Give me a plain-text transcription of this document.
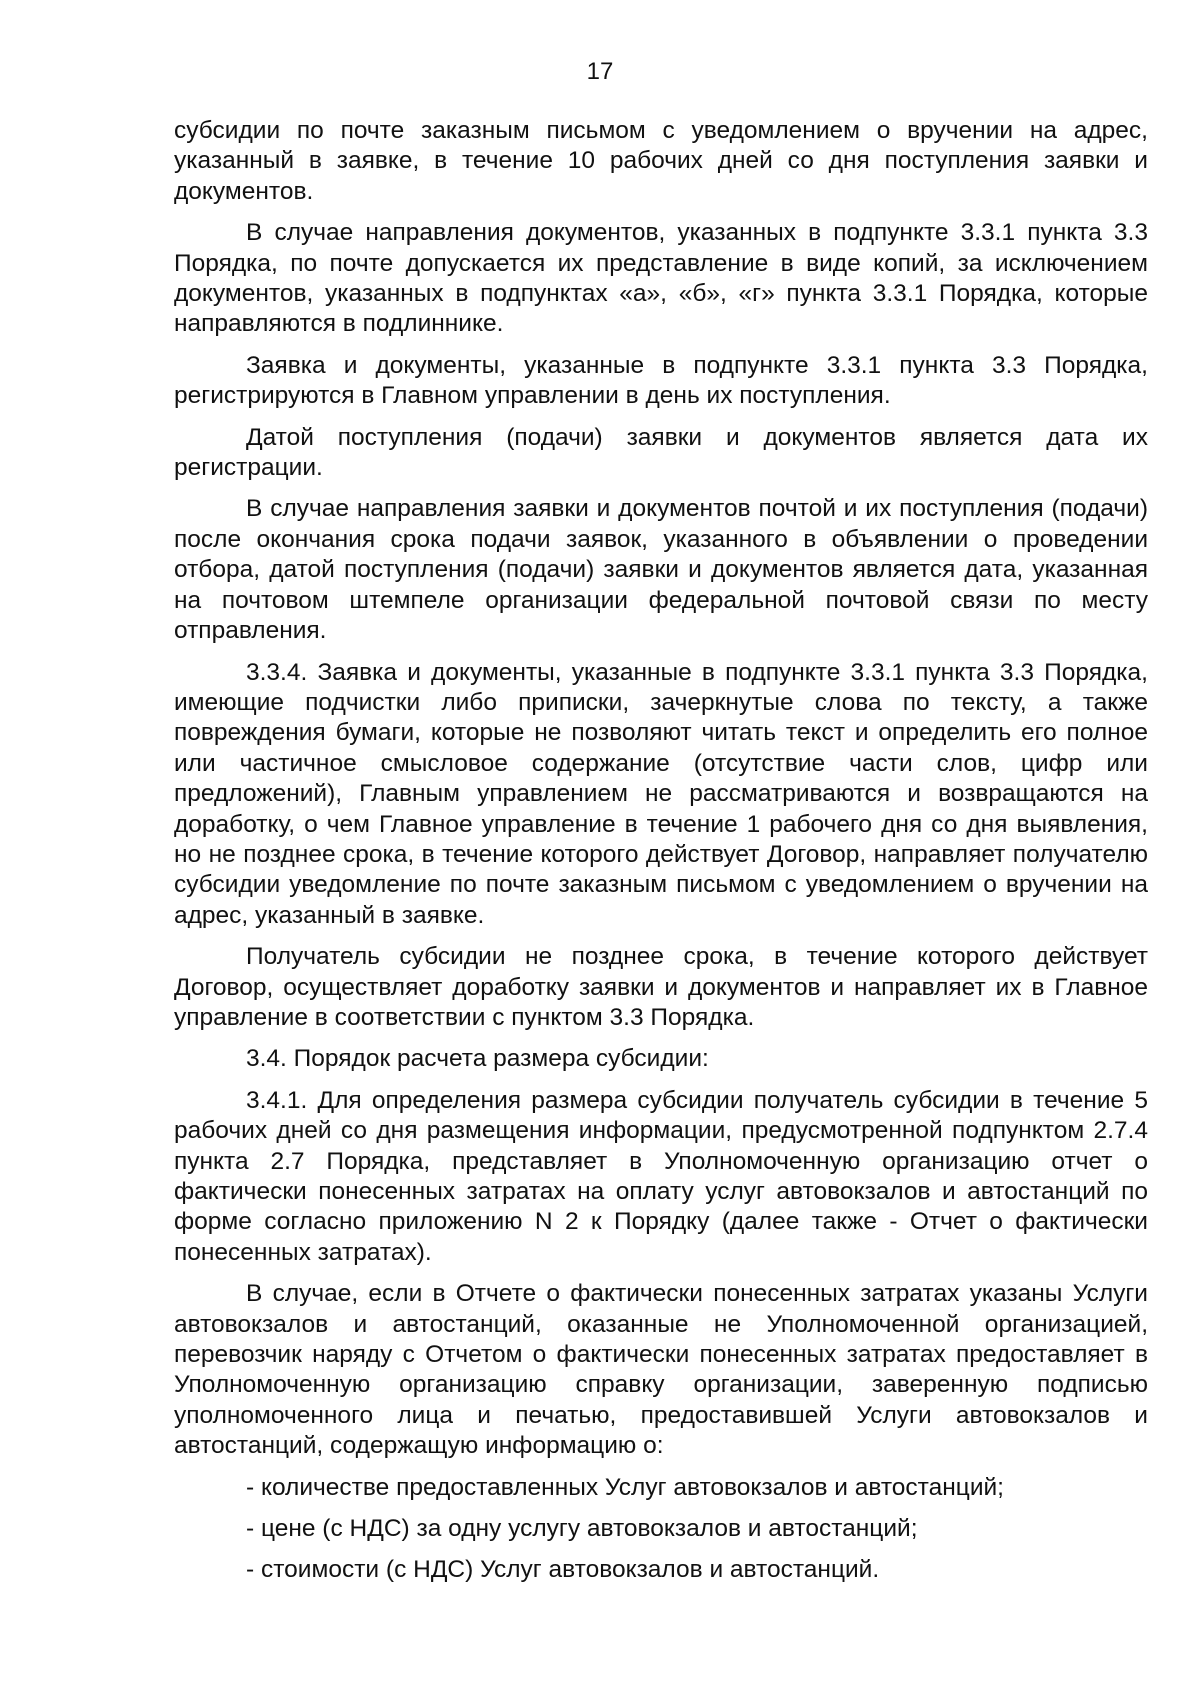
17

субсидии по почте заказным письмом с уведомлением о вручении на адрес, указанный в заявке, в течение 10 рабочих дней со дня поступления заявки и документов.

В случае направления документов, указанных в подпункте 3.3.1 пункта 3.3 Порядка, по почте допускается их представление в виде копий, за исключением документов, указанных в подпунктах «а», «б», «г» пункта 3.3.1 Порядка, которые направляются в подлиннике.

Заявка и документы, указанные в подпункте 3.3.1 пункта 3.3 Порядка, регистрируются в Главном управлении в день их поступления.

Датой поступления (подачи) заявки и документов является дата их регистрации.

В случае направления заявки и документов почтой и их поступления (подачи) после окончания срока подачи заявок, указанного в объявлении о проведении отбора, датой поступления (подачи) заявки и документов является дата, указанная на почтовом штемпеле организации федеральной почтовой связи по месту отправления.

3.3.4. Заявка и документы, указанные в подпункте 3.3.1 пункта 3.3 Порядка, имеющие подчистки либо приписки, зачеркнутые слова по тексту, а также повреждения бумаги, которые не позволяют читать текст и определить его полное или частичное смысловое содержание (отсутствие части слов, цифр или предложений), Главным управлением не рассматриваются и возвращаются на доработку, о чем Главное управление в течение 1 рабочего дня со дня выявления, но не позднее срока, в течение которого действует Договор, направляет получателю субсидии уведомление по почте заказным письмом с уведомлением о вручении на адрес, указанный в заявке.

Получатель субсидии не позднее срока, в течение которого действует Договор, осуществляет доработку заявки и документов и направляет их в Главное управление в соответствии с пунктом 3.3 Порядка.

3.4. Порядок расчета размера субсидии:

3.4.1. Для определения размера субсидии получатель субсидии в течение 5 рабочих дней со дня размещения информации, предусмотренной подпунктом 2.7.4 пункта 2.7 Порядка, представляет в Уполномоченную организацию отчет о фактически понесенных затратах на оплату услуг автовокзалов и автостанций по форме согласно приложению N 2 к Порядку (далее также - Отчет о фактически понесенных затратах).

В случае, если в Отчете о фактически понесенных затратах указаны Услуги автовокзалов и автостанций, оказанные не Уполномоченной организацией, перевозчик наряду с Отчетом о фактически понесенных затратах предоставляет в Уполномоченную организацию справку организации, заверенную подписью уполномоченного лица и печатью, предоставившей Услуги автовокзалов и автостанций, содержащую информацию о:

- количестве предоставленных Услуг автовокзалов и автостанций;

- цене (с НДС) за одну услугу автовокзалов и автостанций;

- стоимости (с НДС) Услуг автовокзалов и автостанций.
